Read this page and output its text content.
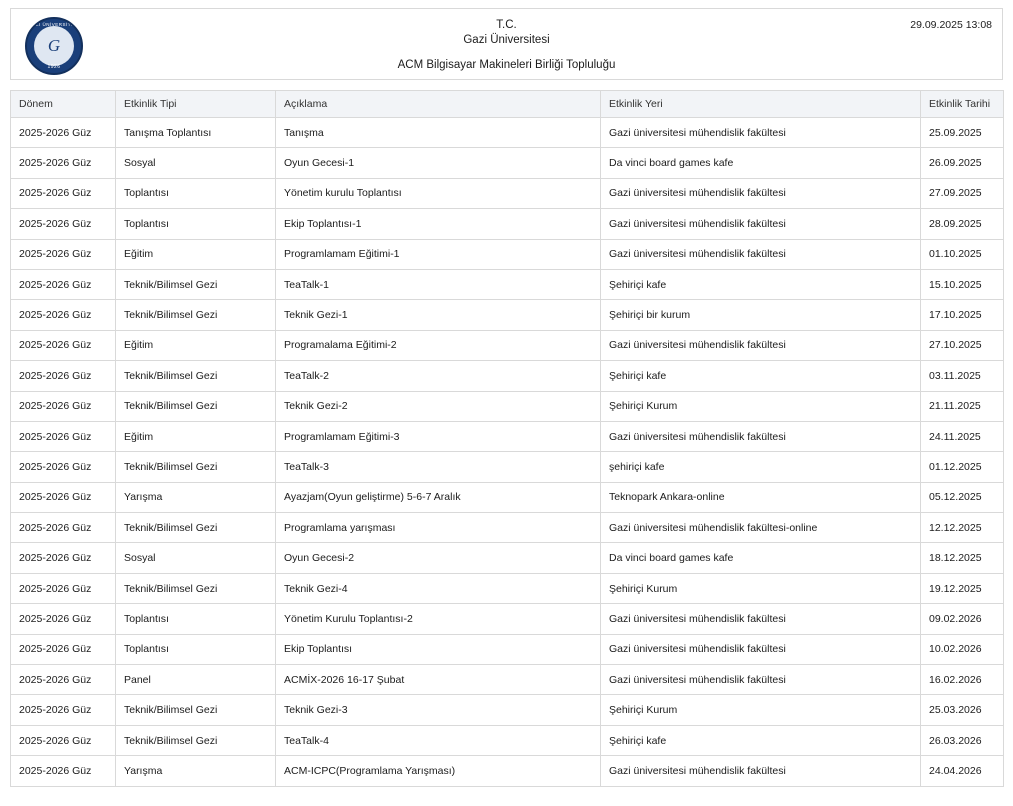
GAZİ ÜNİVERSİTESİ
G
1926
T.C.
Gazi Üniversitesi
ACM Bilgisayar Makineleri Birliği Topluluğu
29.09.2025 13:08
Dönem	Etkinlik Tipi	Açıklama	Etkinlik Yeri	Etkinlik Tarihi
2025-2026 Güz	Tanışma Toplantısı	Tanışma	Gazi üniversitesi mühendislik fakültesi	25.09.2025
2025-2026 Güz	Sosyal	Oyun Gecesi-1	Da vinci board games kafe	26.09.2025
2025-2026 Güz	Toplantısı	Yönetim kurulu Toplantısı	Gazi üniversitesi mühendislik fakültesi	27.09.2025
2025-2026 Güz	Toplantısı	Ekip Toplantısı-1	Gazi üniversitesi mühendislik fakültesi	28.09.2025
2025-2026 Güz	Eğitim	Programlamam Eğitimi-1	Gazi üniversitesi mühendislik fakültesi	01.10.2025
2025-2026 Güz	Teknik/Bilimsel Gezi	TeaTalk-1	Şehiriçi kafe	15.10.2025
2025-2026 Güz	Teknik/Bilimsel Gezi	Teknik Gezi-1	Şehiriçi bir kurum	17.10.2025
2025-2026 Güz	Eğitim	Programalama Eğitimi-2	Gazi üniversitesi mühendislik fakültesi	27.10.2025
2025-2026 Güz	Teknik/Bilimsel Gezi	TeaTalk-2	Şehiriçi kafe	03.11.2025
2025-2026 Güz	Teknik/Bilimsel Gezi	Teknik Gezi-2	Şehiriçi Kurum	21.11.2025
2025-2026 Güz	Eğitim	Programlamam Eğitimi-3	Gazi üniversitesi mühendislik fakültesi	24.11.2025
2025-2026 Güz	Teknik/Bilimsel Gezi	TeaTalk-3	şehiriçi kafe	01.12.2025
2025-2026 Güz	Yarışma	Ayazjam(Oyun geliştirme) 5-6-7 Aralık	Teknopark Ankara-online	05.12.2025
2025-2026 Güz	Teknik/Bilimsel Gezi	Programlama yarışması	Gazi üniversitesi mühendislik fakültesi-online	12.12.2025
2025-2026 Güz	Sosyal	Oyun Gecesi-2	Da vinci board games kafe	18.12.2025
2025-2026 Güz	Teknik/Bilimsel Gezi	Teknik Gezi-4	Şehiriçi Kurum	19.12.2025
2025-2026 Güz	Toplantısı	Yönetim Kurulu Toplantısı-2	Gazi üniversitesi mühendislik fakültesi	09.02.2026
2025-2026 Güz	Toplantısı	Ekip Toplantısı	Gazi üniversitesi mühendislik fakültesi	10.02.2026
2025-2026 Güz	Panel	ACMİX-2026 16-17 Şubat	Gazi üniversitesi mühendislik fakültesi	16.02.2026
2025-2026 Güz	Teknik/Bilimsel Gezi	Teknik Gezi-3	Şehiriçi Kurum	25.03.2026
2025-2026 Güz	Teknik/Bilimsel Gezi	TeaTalk-4	Şehiriçi kafe	26.03.2026
2025-2026 Güz	Yarışma	ACM-ICPC(Programlama Yarışması)	Gazi üniversitesi mühendislik fakültesi	24.04.2026
